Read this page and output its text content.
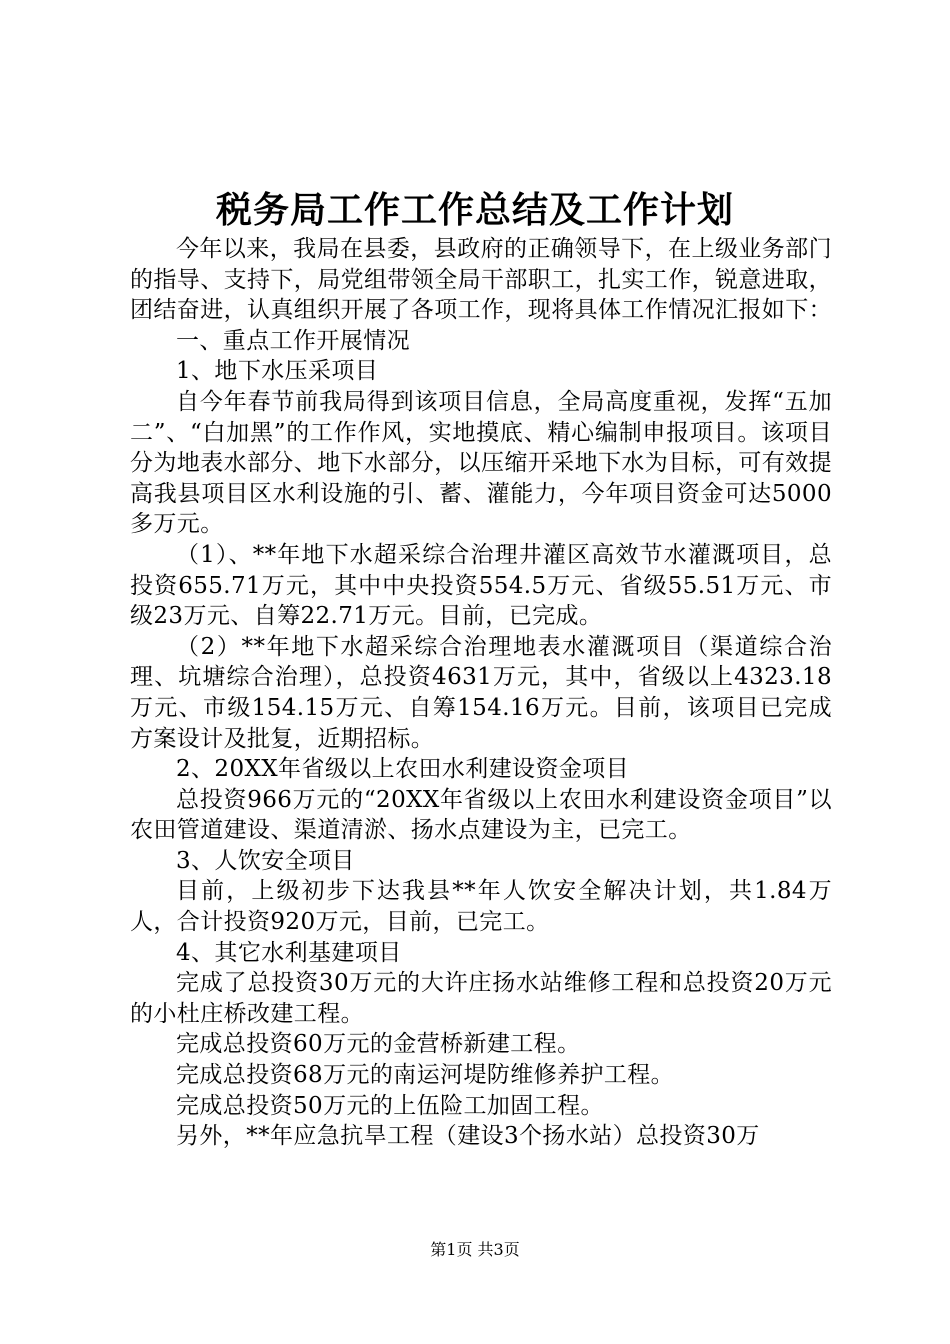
税务局工作工作总结及工作计划

今年以来，我局在县委，县政府的正确领导下，在上级业务部门的指导、支持下，局党组带领全局干部职工，扎实工作，锐意进取，团结奋进，认真组织开展了各项工作，现将具体工作情况汇报如下：

一、重点工作开展情况

1、地下水压采项目

自今年春节前我局得到该项目信息，全局高度重视，发挥“五加二”、“白加黑”的工作作风，实地摸底、精心编制申报项目。该项目分为地表水部分、地下水部分，以压缩开采地下水为目标，可有效提高我县项目区水利设施的引、蓄、灌能力，今年项目资金可达5000多万元。

（1）、**年地下水超采综合治理井灌区高效节水灌溉项目，总投资655.71万元，其中中央投资554.5万元、省级55.51万元、市级23万元、自筹22.71万元。目前，已完成。

（2）**年地下水超采综合治理地表水灌溉项目（渠道综合治理、坑塘综合治理），总投资4631万元，其中，省级以上4323.18万元、市级154.15万元、自筹154.16万元。目前，该项目已完成方案设计及批复，近期招标。

2、20XX年省级以上农田水利建设资金项目

总投资966万元的“20XX年省级以上农田水利建设资金项目”以农田管道建设、渠道清淤、扬水点建设为主，已完工。

3、人饮安全项目

目前，上级初步下达我县**年人饮安全解决计划，共1.84万人，合计投资920万元，目前，已完工。

4、其它水利基建项目

完成了总投资30万元的大许庄扬水站维修工程和总投资20万元的小杜庄桥改建工程。

完成总投资60万元的金营桥新建工程。

完成总投资68万元的南运河堤防维修养护工程。

完成总投资50万元的上伍险工加固工程。

另外，**年应急抗旱工程（建设3个扬水站）总投资30万

第1页 共3页
